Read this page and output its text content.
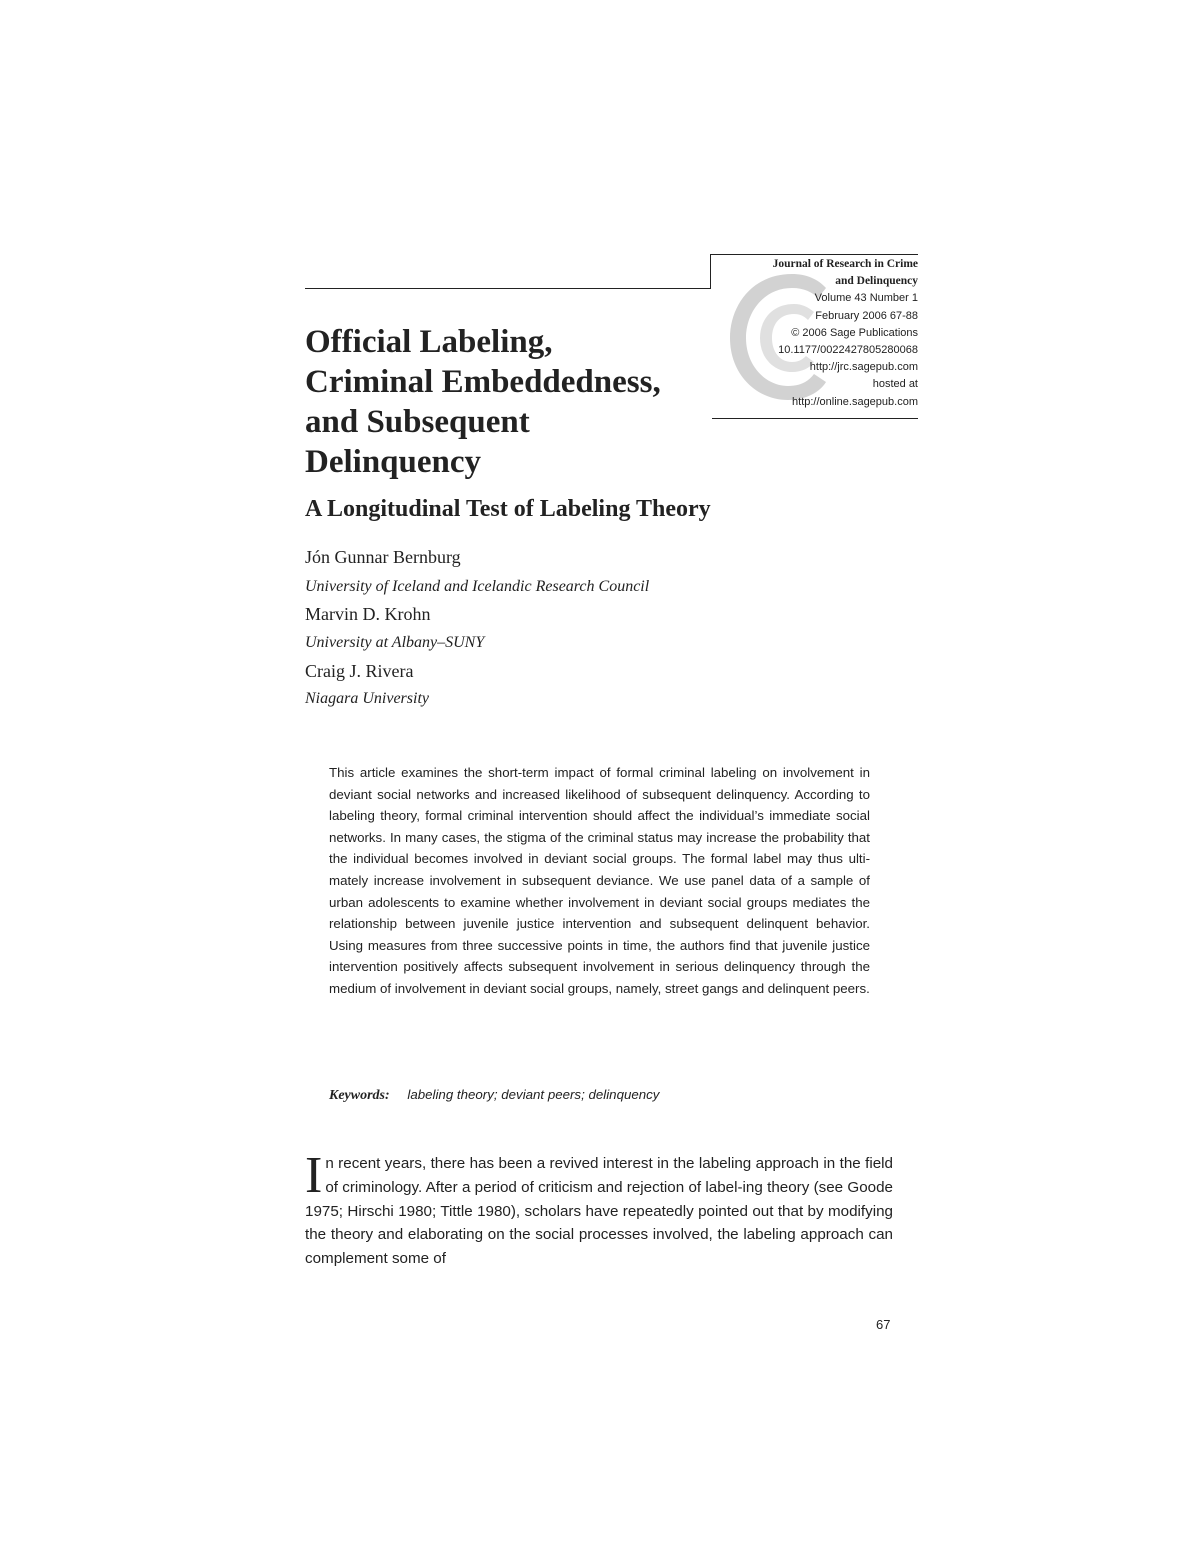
Journal of Research in Crime
and Delinquency
Volume 43 Number 1
February 2006 67-88
© 2006 Sage Publications
10.1177/0022427805280068
http://jrc.sagepub.com
hosted at
http://online.sagepub.com
Official Labeling,
Criminal Embeddedness,
and Subsequent
Delinquency
A Longitudinal Test of Labeling Theory
Jón Gunnar Bernburg
University of Iceland and Icelandic Research Council
Marvin D. Krohn
University at Albany–SUNY
Craig J. Rivera
Niagara University

This article examines the short-term impact of formal criminal labeling on involvement in deviant social networks and increased likelihood of subsequent delinquency. According to labeling theory, formal criminal intervention should affect the individual’s immediate social networks. In many cases, the stigma of the criminal status may increase the probability that the individual becomes involved in deviant social groups. The formal label may thus ulti-mately increase involvement in subsequent deviance. We use panel data of a sample of urban adolescents to examine whether involvement in deviant social groups mediates the relationship between juvenile justice intervention and subsequent delinquent behavior. Using measures from three successive points in time, the authors find that juvenile justice intervention positively affects subsequent involvement in serious delinquency through the medium of involvement in deviant social groups, namely, street gangs and delinquent peers.

Keywords: labeling theory; deviant peers; delinquency

In recent years, there has been a revived interest in the labeling approach in the field of criminology. After a period of criticism and rejection of label-ing theory (see Goode 1975; Hirschi 1980; Tittle 1980), scholars have repeatedly pointed out that by modifying the theory and elaborating on the social processes involved, the labeling approach can complement some of

67
